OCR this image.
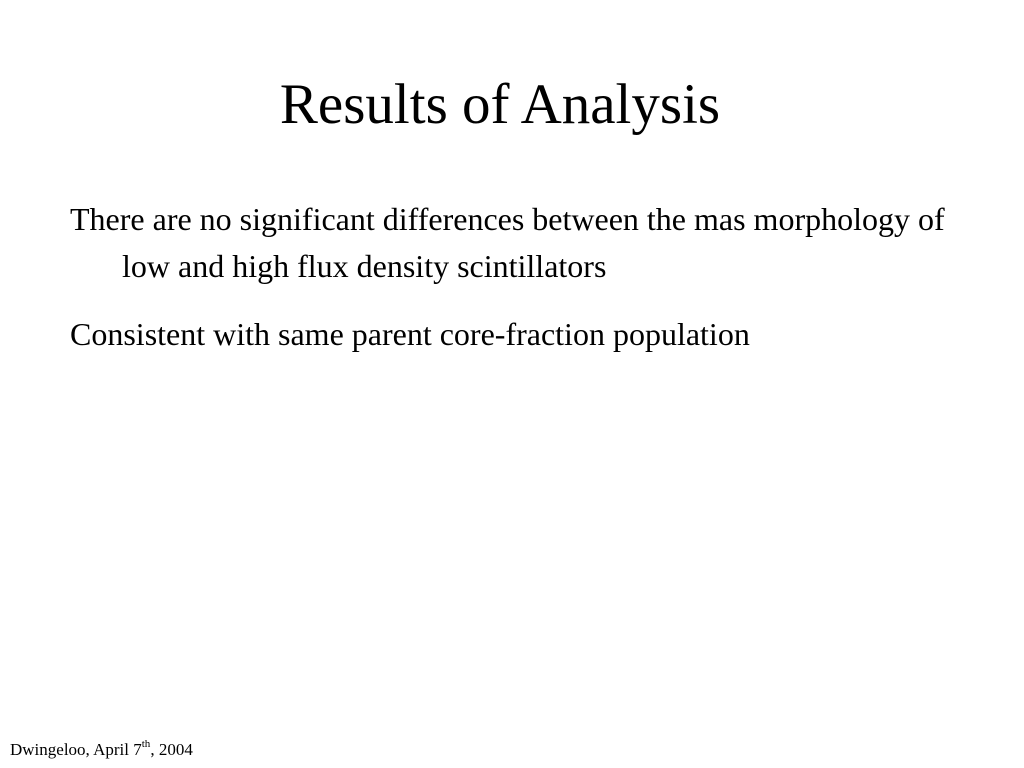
Results of Analysis
There are no significant differences between the mas morphology of low and high flux density scintillators
Consistent with same parent core-fraction population
Dwingeloo, April 7th, 2004
